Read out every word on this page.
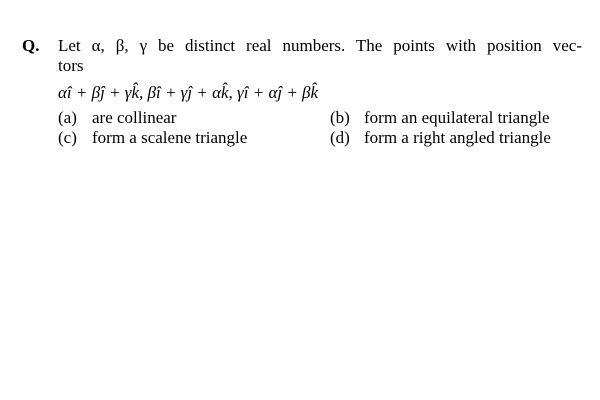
Q. Let α, β, γ be distinct real numbers. The points with position vec-
tors
αî + βĵ + γk̂, βî + γĵ + αk̂, γî + αĵ + βk̂
(a) are collinear	(b) form an equilateral triangle
(c) form a scalene triangle	(d) form a right angled triangle
